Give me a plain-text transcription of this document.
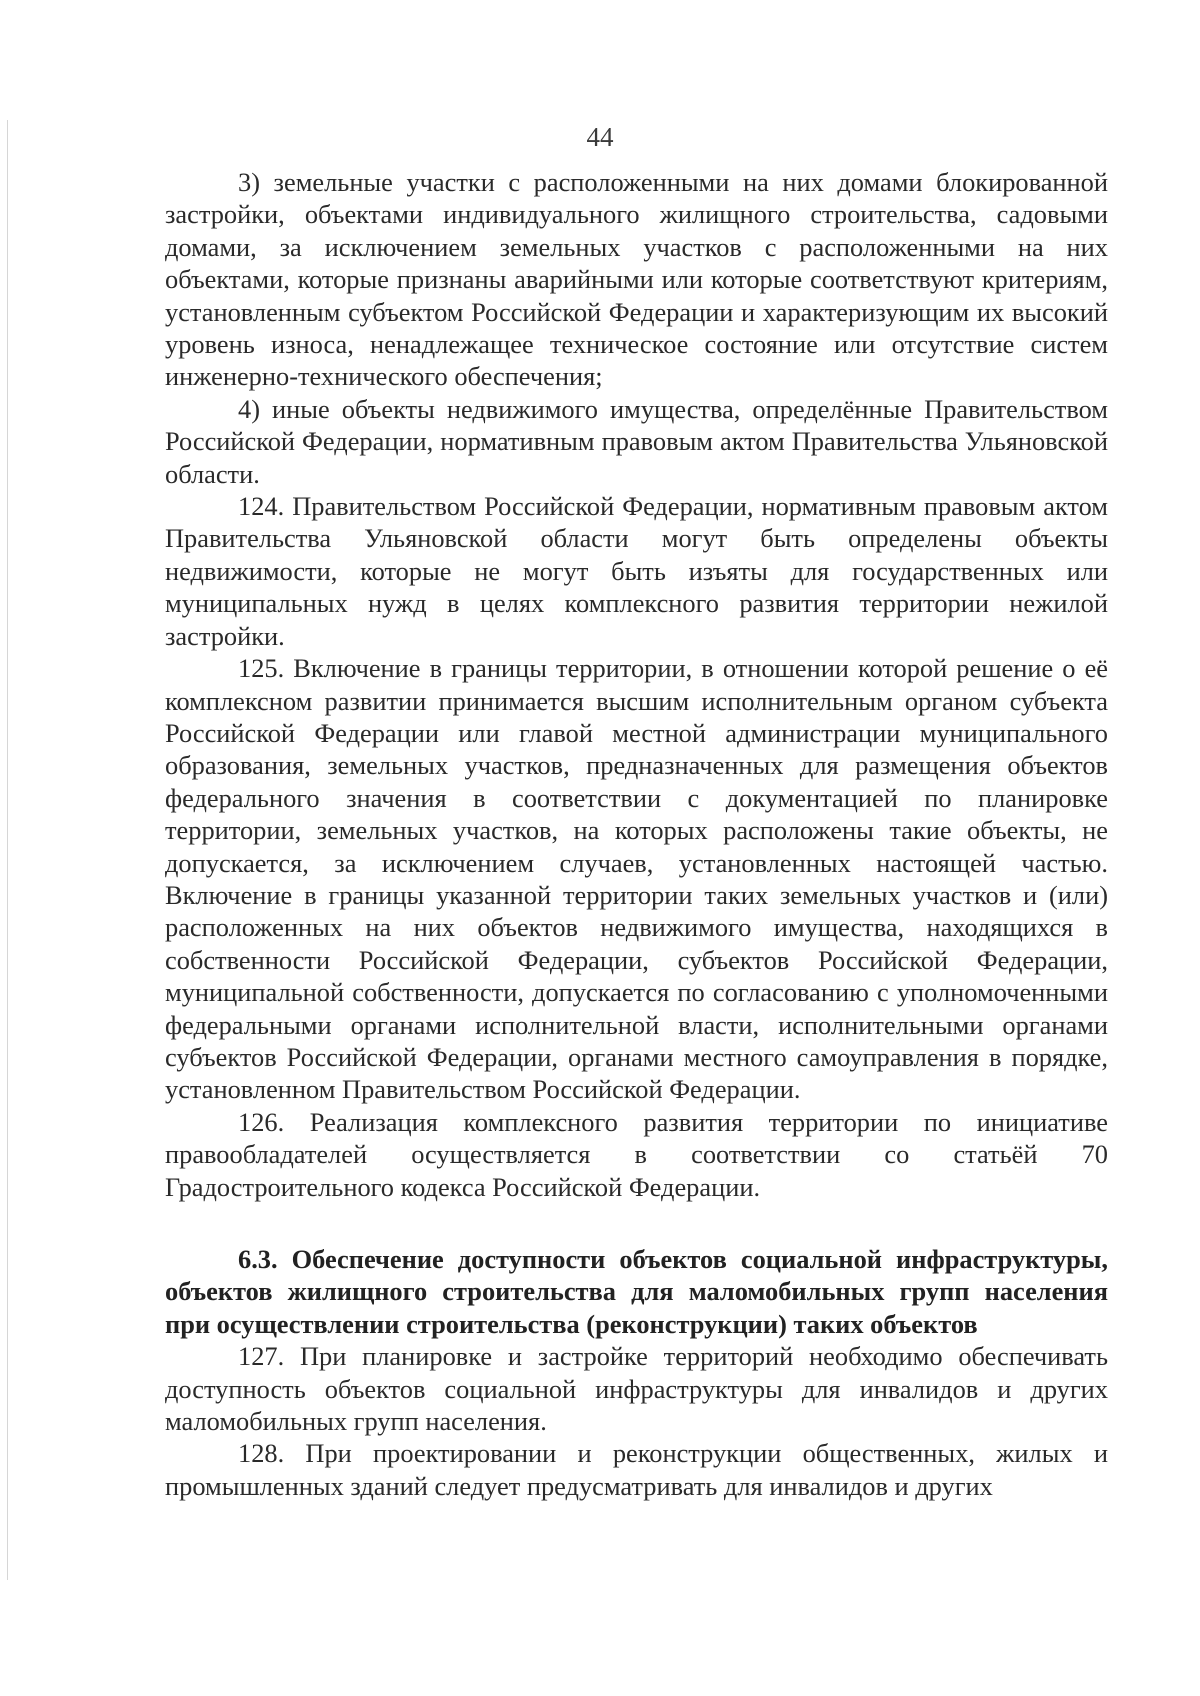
44

3) земельные участки с расположенными на них домами блокированной застройки, объектами индивидуального жилищного строительства, садовыми домами, за исключением земельных участков с расположенными на них объектами, которые признаны аварийными или которые соответствуют критериям, установленным субъектом Российской Федерации и характеризующим их высокий уровень износа, ненадлежащее техническое состояние или отсутствие систем инженерно-технического обеспечения;

4) иные объекты недвижимого имущества, определённые Правительством Российской Федерации, нормативным правовым актом Правительства Ульяновской области.

124. Правительством Российской Федерации, нормативным правовым актом Правительства Ульяновской области могут быть определены объекты недвижимости, которые не могут быть изъяты для государственных или муниципальных нужд в целях комплексного развития территории нежилой застройки.

125. Включение в границы территории, в отношении которой решение о её комплексном развитии принимается высшим исполнительным органом субъекта Российской Федерации или главой местной администрации муниципального образования, земельных участков, предназначенных для размещения объектов федерального значения в соответствии с документацией по планировке территории, земельных участков, на которых расположены такие объекты, не допускается, за исключением случаев, установленных настоящей частью. Включение в границы указанной территории таких земельных участков и (или) расположенных на них объектов недвижимого имущества, находящихся в собственности Российской Федерации, субъектов Российской Федерации, муниципальной собственности, допускается по согласованию с уполномоченными федеральными органами исполнительной власти, исполнительными органами субъектов Российской Федерации, органами местного самоуправления в порядке, установленном Правительством Российской Федерации.

126. Реализация комплексного развития территории по инициативе правообладателей осуществляется в соответствии со статьёй 70 Градостроительного кодекса Российской Федерации.

6.3. Обеспечение доступности объектов социальной инфраструктуры, объектов жилищного строительства для маломобильных групп населения при осуществлении строительства (реконструкции) таких объектов

127. При планировке и застройке территорий необходимо обеспечивать доступность объектов социальной инфраструктуры для инвалидов и других маломобильных групп населения.

128. При проектировании и реконструкции общественных, жилых и промышленных зданий следует предусматривать для инвалидов и других
